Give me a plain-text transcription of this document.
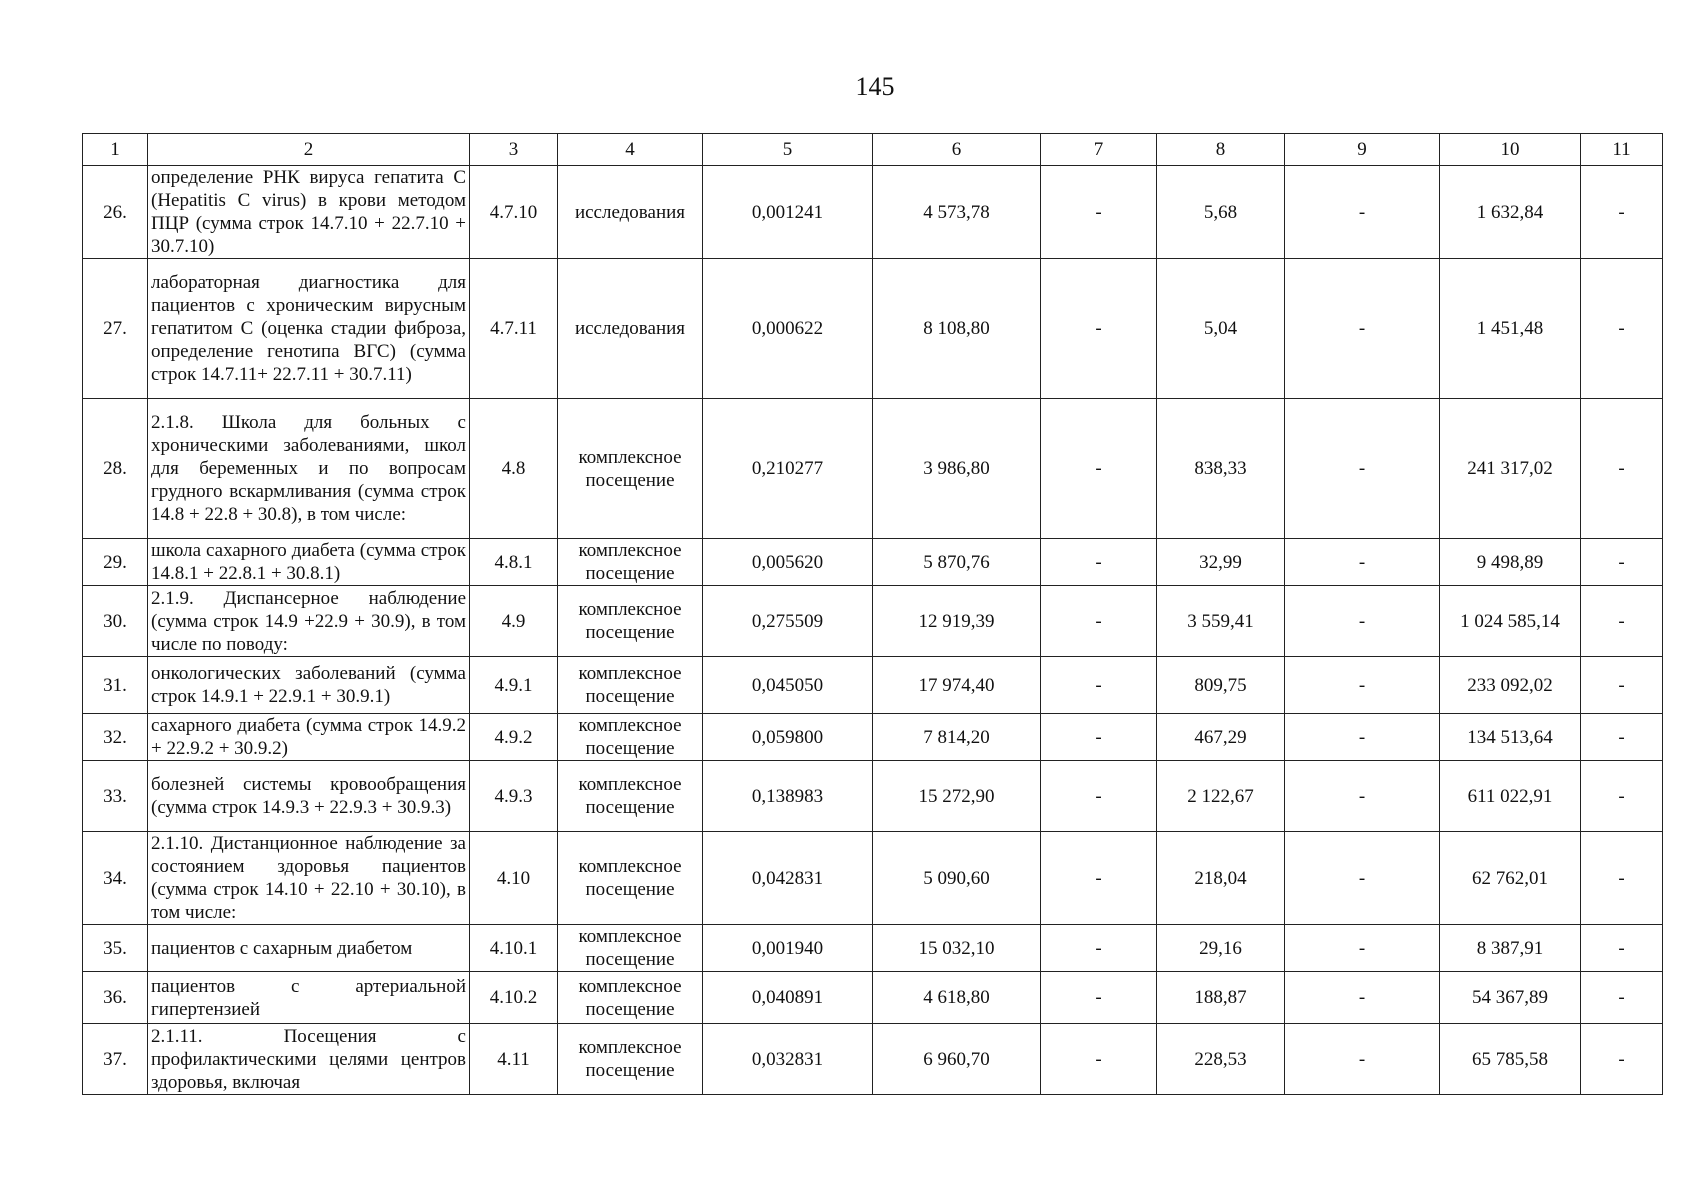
145
1	2	3	4	5	6	7	8	9	10	11
26.	определение РНК вируса гепатита С (Hepatitis C virus) в крови методом ПЦР (сумма строк 14.7.10 + 22.7.10 + 30.7.10)	4.7.10	исследования	0,001241	4 573,78	-	5,68	-	1 632,84	-
27.	лабораторная диагностика для пациентов с хроническим вирусным гепатитом С (оценка стадии фиброза, определение генотипа ВГС) (сумма строк 14.7.11+ 22.7.11 + 30.7.11)	4.7.11	исследования	0,000622	8 108,80	-	5,04	-	1 451,48	-
28.	2.1.8. Школа для больных с хроническими заболеваниями, школ для беременных и по вопросам грудного вскармливания (сумма строк 14.8 + 22.8 + 30.8), в том числе:	4.8	комплексное посещение	0,210277	3 986,80	-	838,33	-	241 317,02	-
29.	школа сахарного диабета (сумма строк 14.8.1 + 22.8.1 + 30.8.1)	4.8.1	комплексное посещение	0,005620	5 870,76	-	32,99	-	9 498,89	-
30.	2.1.9. Диспансерное наблюдение (сумма строк 14.9 +22.9 + 30.9), в том числе по поводу:	4.9	комплексное посещение	0,275509	12 919,39	-	3 559,41	-	1 024 585,14	-
31.	онкологических заболеваний (сумма строк 14.9.1 + 22.9.1 + 30.9.1)	4.9.1	комплексное посещение	0,045050	17 974,40	-	809,75	-	233 092,02	-
32.	сахарного диабета (сумма строк 14.9.2 + 22.9.2 + 30.9.2)	4.9.2	комплексное посещение	0,059800	7 814,20	-	467,29	-	134 513,64	-
33.	болезней системы кровообращения (сумма строк 14.9.3 + 22.9.3 + 30.9.3)	4.9.3	комплексное посещение	0,138983	15 272,90	-	2 122,67	-	611 022,91	-
34.	2.1.10. Дистанционное наблюдение за состоянием здоровья пациентов (сумма строк 14.10 + 22.10 + 30.10), в том числе:	4.10	комплексное посещение	0,042831	5 090,60	-	218,04	-	62 762,01	-
35.	пациентов с сахарным диабетом	4.10.1	комплексное посещение	0,001940	15 032,10	-	29,16	-	8 387,91	-
36.	пациентов с артериальной гипертензией	4.10.2	комплексное посещение	0,040891	4 618,80	-	188,87	-	54 367,89	-
37.	2.1.11. Посещения с профилактическими целями центров здоровья, включая	4.11	комплексное посещение	0,032831	6 960,70	-	228,53	-	65 785,58	-
